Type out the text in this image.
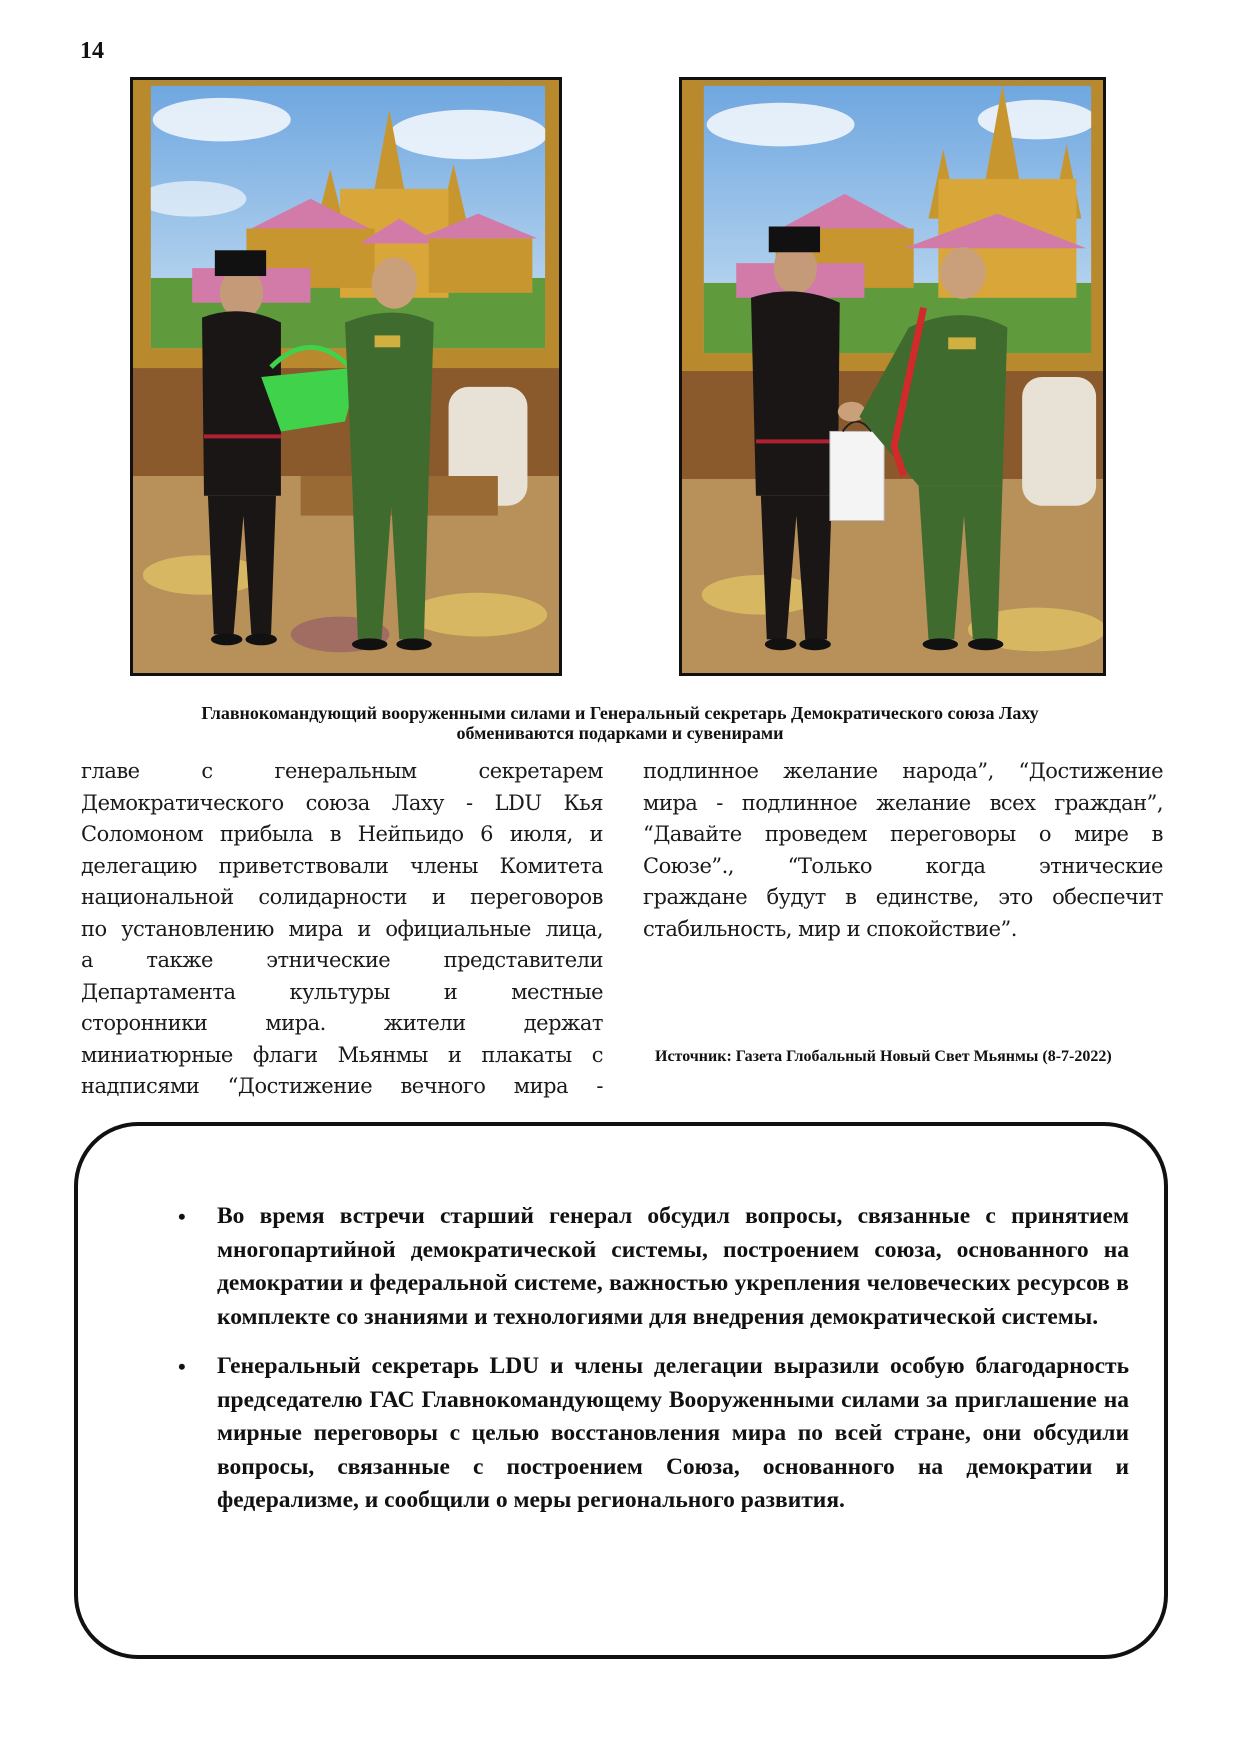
14
Главнокомандующий вооруженными силами и Генеральный секретарь Демократического союза Лаху
обмениваются подарками и сувенирами
главе с генеральным секретарем
Демократического союза Лаху - LDU Кья
Соломоном прибыла в Нейпьидо 6 июля, и
делегацию приветствовали члены Комитета
национальной солидарности и переговоров
по установлению мира и официальные лица,
а также этнические представители
Департамента культуры и местные
сторонники мира. жители держат
миниатюрные флаги Мьянмы и плакаты с
надписями “Достижение вечного мира -
подлинное желание народа”, “Достижение
мира - подлинное желание всех граждан”,
“Давайте проведем переговоры о мире в
Союзе”., “Только когда этнические
граждане будут в единстве, это обеспечит
стабильность, мир и спокойствие”.
Источник: Газета Глобальный Новый Свет Мьянмы (8-7-2022)
• Во время встречи старший генерал обсудил вопросы, связанные с принятием многопартийной демократической системы, построением союза, основанного на демократии и федеральной системе, важностью укрепления человеческих ресурсов в комплекте со знаниями и технологиями для внедрения демократической системы.
• Генеральный секретарь LDU и члены делегации выразили особую благодарность председателю ГАС Главнокомандующему Вооруженными силами за приглашение на мирные переговоры с целью восстановления мира по всей стране, они обсудили вопросы, связанные с построением Союза, основанного на демократии и федерализме, и сообщили о меры регионального развития.
